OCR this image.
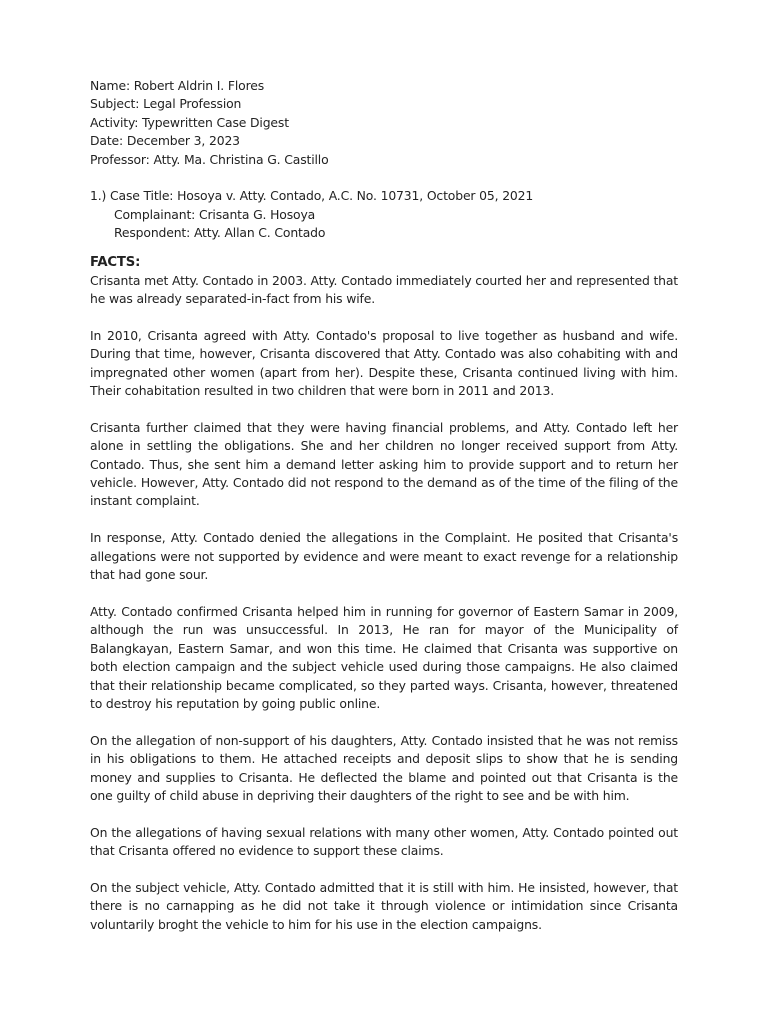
Name: Robert Aldrin I. Flores
Subject: Legal Profession
Activity: Typewritten Case Digest
Date: December 3, 2023
Professor: Atty. Ma. Christina G. Castillo
1.) Case Title: Hosoya v. Atty. Contado, A.C. No. 10731, October 05, 2021
Complainant: Crisanta G. Hosoya
Respondent: Atty. Allan C. Contado
FACTS:

Crisanta met Atty. Contado in 2003. Atty. Contado immediately courted her and represented that he was already separated-in-fact from his wife.

In 2010, Crisanta agreed with Atty. Contado's proposal to live together as husband and wife. During that time, however, Crisanta discovered that Atty. Contado was also cohabiting with and impregnated other women (apart from her). Despite these, Crisanta continued living with him. Their cohabitation resulted in two children that were born in 2011 and 2013.

Crisanta further claimed that they were having financial problems, and Atty. Contado left her alone in settling the obligations. She and her children no longer received support from Atty. Contado. Thus, she sent him a demand letter asking him to provide support and to return her vehicle. However, Atty. Contado did not respond to the demand as of the time of the filing of the instant complaint.

In response, Atty. Contado denied the allegations in the Complaint. He posited that Crisanta's allegations were not supported by evidence and were meant to exact revenge for a relationship that had gone sour.

Atty. Contado confirmed Crisanta helped him in running for governor of Eastern Samar in 2009, although the run was unsuccessful. In 2013, He ran for mayor of the Municipality of Balangkayan, Eastern Samar, and won this time. He claimed that Crisanta was supportive on both election campaign and the subject vehicle used during those campaigns. He also claimed that their relationship became complicated, so they parted ways. Crisanta, however, threatened to destroy his reputation by going public online.

On the allegation of non-support of his daughters, Atty. Contado insisted that he was not remiss in his obligations to them. He attached receipts and deposit slips to show that he is sending money and supplies to Crisanta. He deflected the blame and pointed out that Crisanta is the one guilty of child abuse in depriving their daughters of the right to see and be with him.

On the allegations of having sexual relations with many other women, Atty. Contado pointed out that Crisanta offered no evidence to support these claims.

On the subject vehicle, Atty. Contado admitted that it is still with him. He insisted, however, that there is no carnapping as he did not take it through violence or intimidation since Crisanta voluntarily broght the vehicle to him for his use in the election campaigns.
